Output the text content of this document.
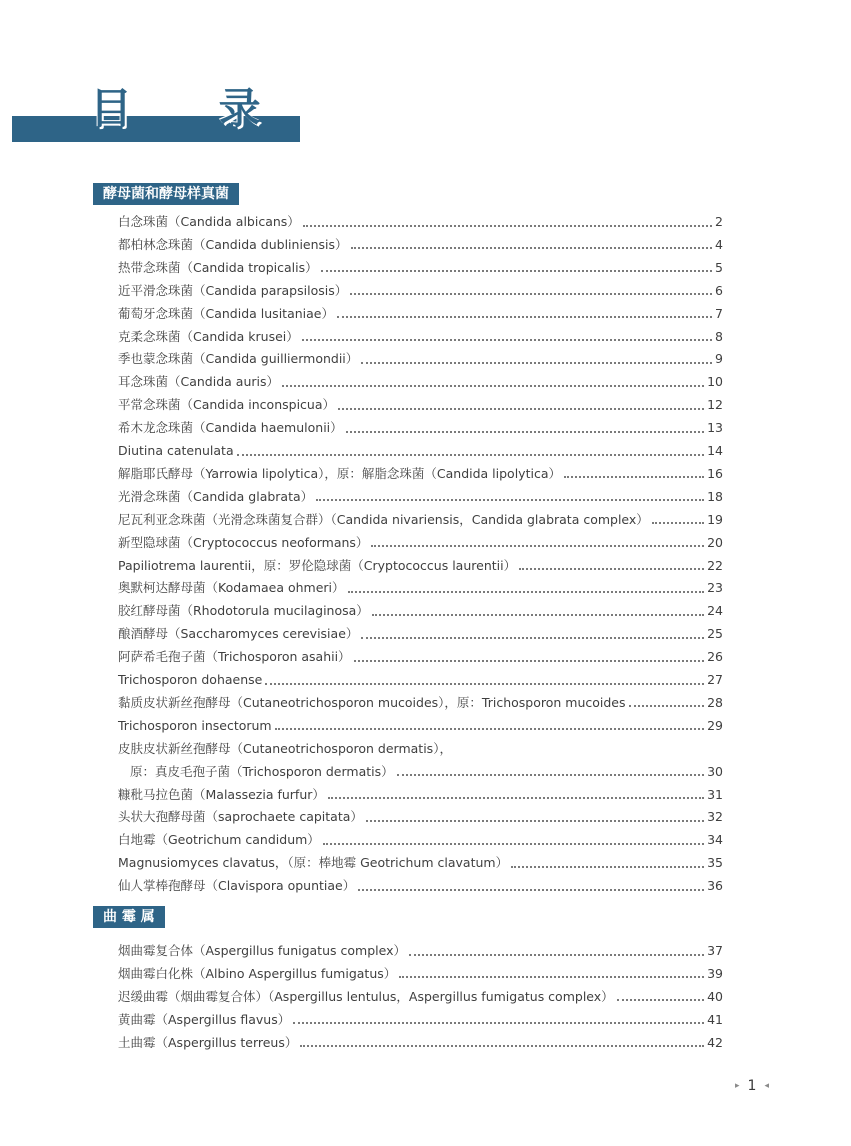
目 录
酵母菌和酵母样真菌
曲 霉 属
白念珠菌（Candida albicans）	2
都柏林念珠菌（Candida dubliniensis）	4
热带念珠菌（Candida tropicalis）	5
近平滑念珠菌（Candida parapsilosis）	6
葡萄牙念珠菌（Candida lusitaniae）	7
克柔念珠菌（Candida krusei）	8
季也蒙念珠菌（Candida guilliermondii）	9
耳念珠菌（Candida auris）	10
平常念珠菌（Candida inconspicua）	12
希木龙念珠菌（Candida haemulonii）	13
Diutina catenulata	14
解脂耶氏酵母（Yarrowia lipolytica），原：解脂念珠菌（Candida lipolytica）	16
光滑念珠菌（Candida glabrata）	18
尼瓦利亚念珠菌（光滑念珠菌复合群）（Candida nivariensis，Candida glabrata complex）	19
新型隐球菌（Cryptococcus neoformans）	20
Papiliotrema laurentii，原：罗伦隐球菌（Cryptococcus laurentii）	22
奥默柯达酵母菌（Kodamaea ohmeri）	23
胶红酵母菌（Rhodotorula mucilaginosa）	24
酿酒酵母（Saccharomyces cerevisiae）	25
阿萨希毛孢子菌（Trichosporon asahii）	26
Trichosporon dohaense	27
黏质皮状新丝孢酵母（Cutaneotrichosporon mucoides），原：Trichosporon mucoides	28
Trichosporon insectorum	29
皮肤皮状新丝孢酵母（Cutaneotrichosporon dermatis），
原：真皮毛孢子菌（Trichosporon dermatis）	30
糠秕马拉色菌（Malassezia furfur）	31
头状大孢酵母菌（saprochaete capitata）	32
白地霉（Geotrichum candidum）	34
Magnusiomyces clavatus，（原：棒地霉 Geotrichum clavatum）	35
仙人掌棒孢酵母（Clavispora opuntiae）	36
烟曲霉复合体（Aspergillus funigatus complex）	37
烟曲霉白化株（Albino Aspergillus fumigatus）	39
迟缓曲霉（烟曲霉复合体）（Aspergillus lentulus，Aspergillus fumigatus complex）	40
黄曲霉（Aspergillus flavus）	41
土曲霉（Aspergillus terreus）	42
▸ 1 ◂
